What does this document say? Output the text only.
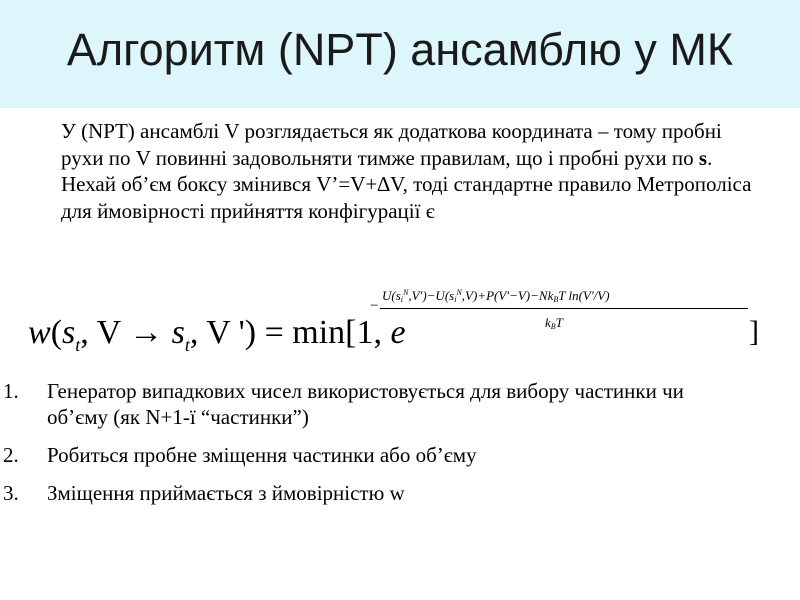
Алгоритм (NPT) ансамблю у МК
У (NPT) ансамблі V розглядається як додаткова координата – тому пробні рухи по V повинні задовольняти тимже правилам, що і пробні рухи по s. Нехай об’єм боксу змінився V’=V+∆V, тоді стандартне правило Метрополіса для ймовірності прийняття конфігурації є
$w(s_t$, $V \to s_t$, V ') = min[1, e
−
$U(s_i^N,V')-U(s_i^N,V)+P(V'-V)-Nk_BT$ ln(V'/V)
$k_BT$	]
1. Генератор випадкових чисел використовується для вибору частинки чи об’єму (як N+1-ї “частинки”)
2. Робиться пробне зміщення частинки або об’єму
3. Зміщення приймається з ймовірністю w
